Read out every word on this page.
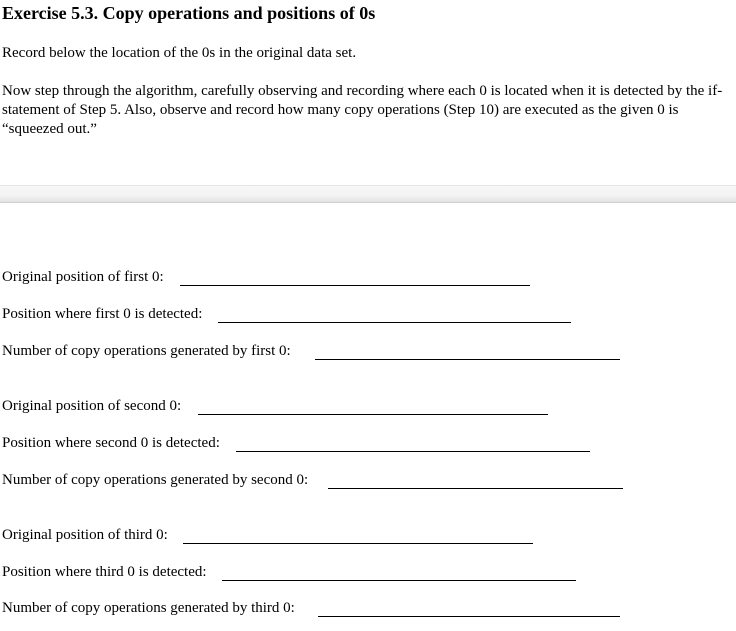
Exercise 5.3. Copy operations and positions of 0s
Record below the location of the 0s in the original data set.
Now step through the algorithm, carefully observing and recording where each 0 is located when it is detected by the if-statement of Step 5. Also, observe and record how many copy operations (Step 10) are executed as the given 0 is “squeezed out.”
Original position of first 0:
Position where first 0 is detected:
Number of copy operations generated by first 0:
Original position of second 0:
Position where second 0 is detected:
Number of copy operations generated by second 0:
Original position of third 0:
Position where third 0 is detected:
Number of copy operations generated by third 0:
